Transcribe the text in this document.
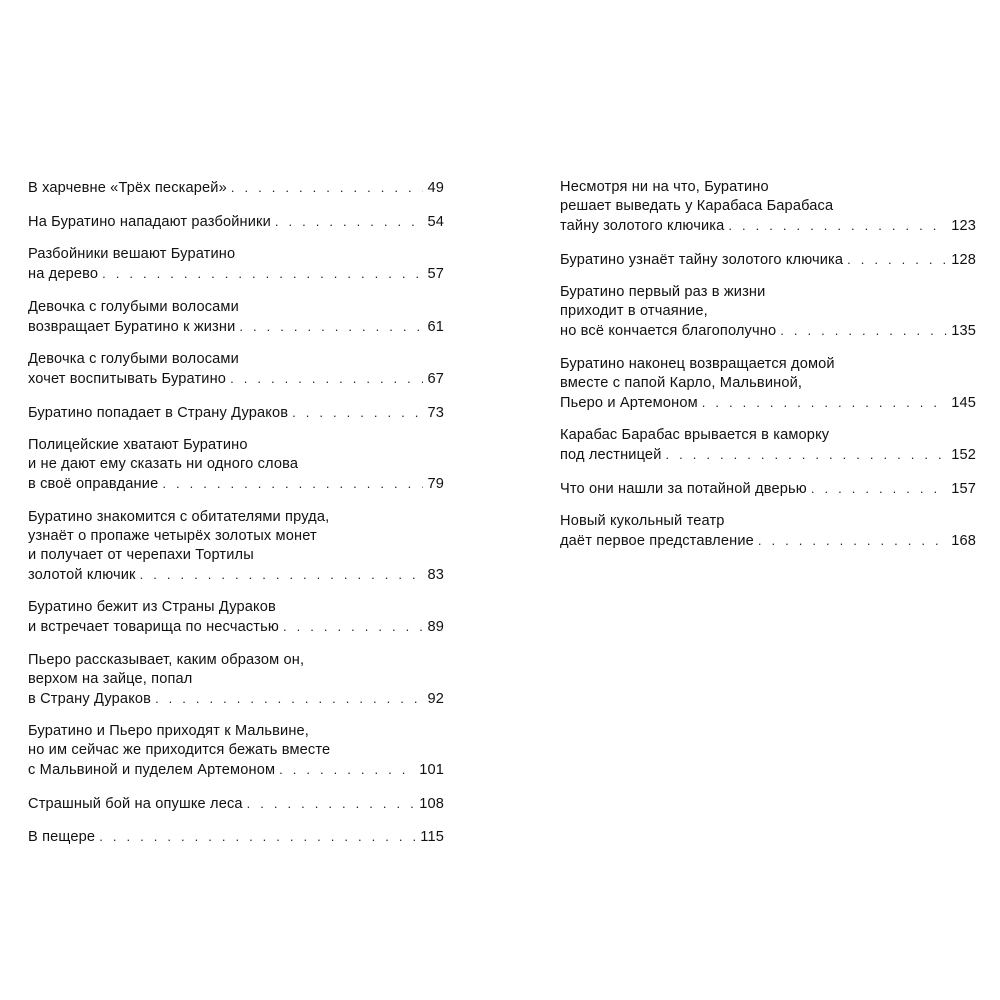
В харчевне «Трёх пескарей» . . .	49
На Буратино нападают разбойники . . .	54
Разбойники вешают Буратино
на дерево . . .	57
Девочка с голубыми волосами
возвращает Буратино к жизни . . .	61
Девочка с голубыми волосами
хочет воспитывать Буратино . . .	67
Буратино попадает в Страну Дураков . . .	73
Полицейские хватают Буратино
и не дают ему сказать ни одного слова
в своё оправдание . . .	79
Буратино знакомится с обитателями пруда,
узнаёт о пропаже четырёх золотых монет
и получает от черепахи Тортилы
золотой ключик . . .	83
Буратино бежит из Страны Дураков
и встречает товарища по несчастью . . .	89
Пьеро рассказывает, каким образом он,
верхом на зайце, попал
в Страну Дураков . . .	92
Буратино и Пьеро приходят к Мальвине,
но им сейчас же приходится бежать вместе
с Мальвиной и пуделем Артемоном . . .	101
Страшный бой на опушке леса . . .	108
В пещере . . .	115
Несмотря ни на что, Буратино
решает выведать у Карабаса Барабаса
тайну золотого ключика . . .	123
Буратино узнаёт тайну золотого ключика . . .	128
Буратино первый раз в жизни
приходит в отчаяние,
но всё кончается благополучно . . .	135
Буратино наконец возвращается домой
вместе с папой Карло, Мальвиной,
Пьеро и Артемоном . . .	145
Карабас Барабас врывается в каморку
под лестницей . . .	152
Что они нашли за потайной дверью . . .	157
Новый кукольный театр
даёт первое представление . . .	168
